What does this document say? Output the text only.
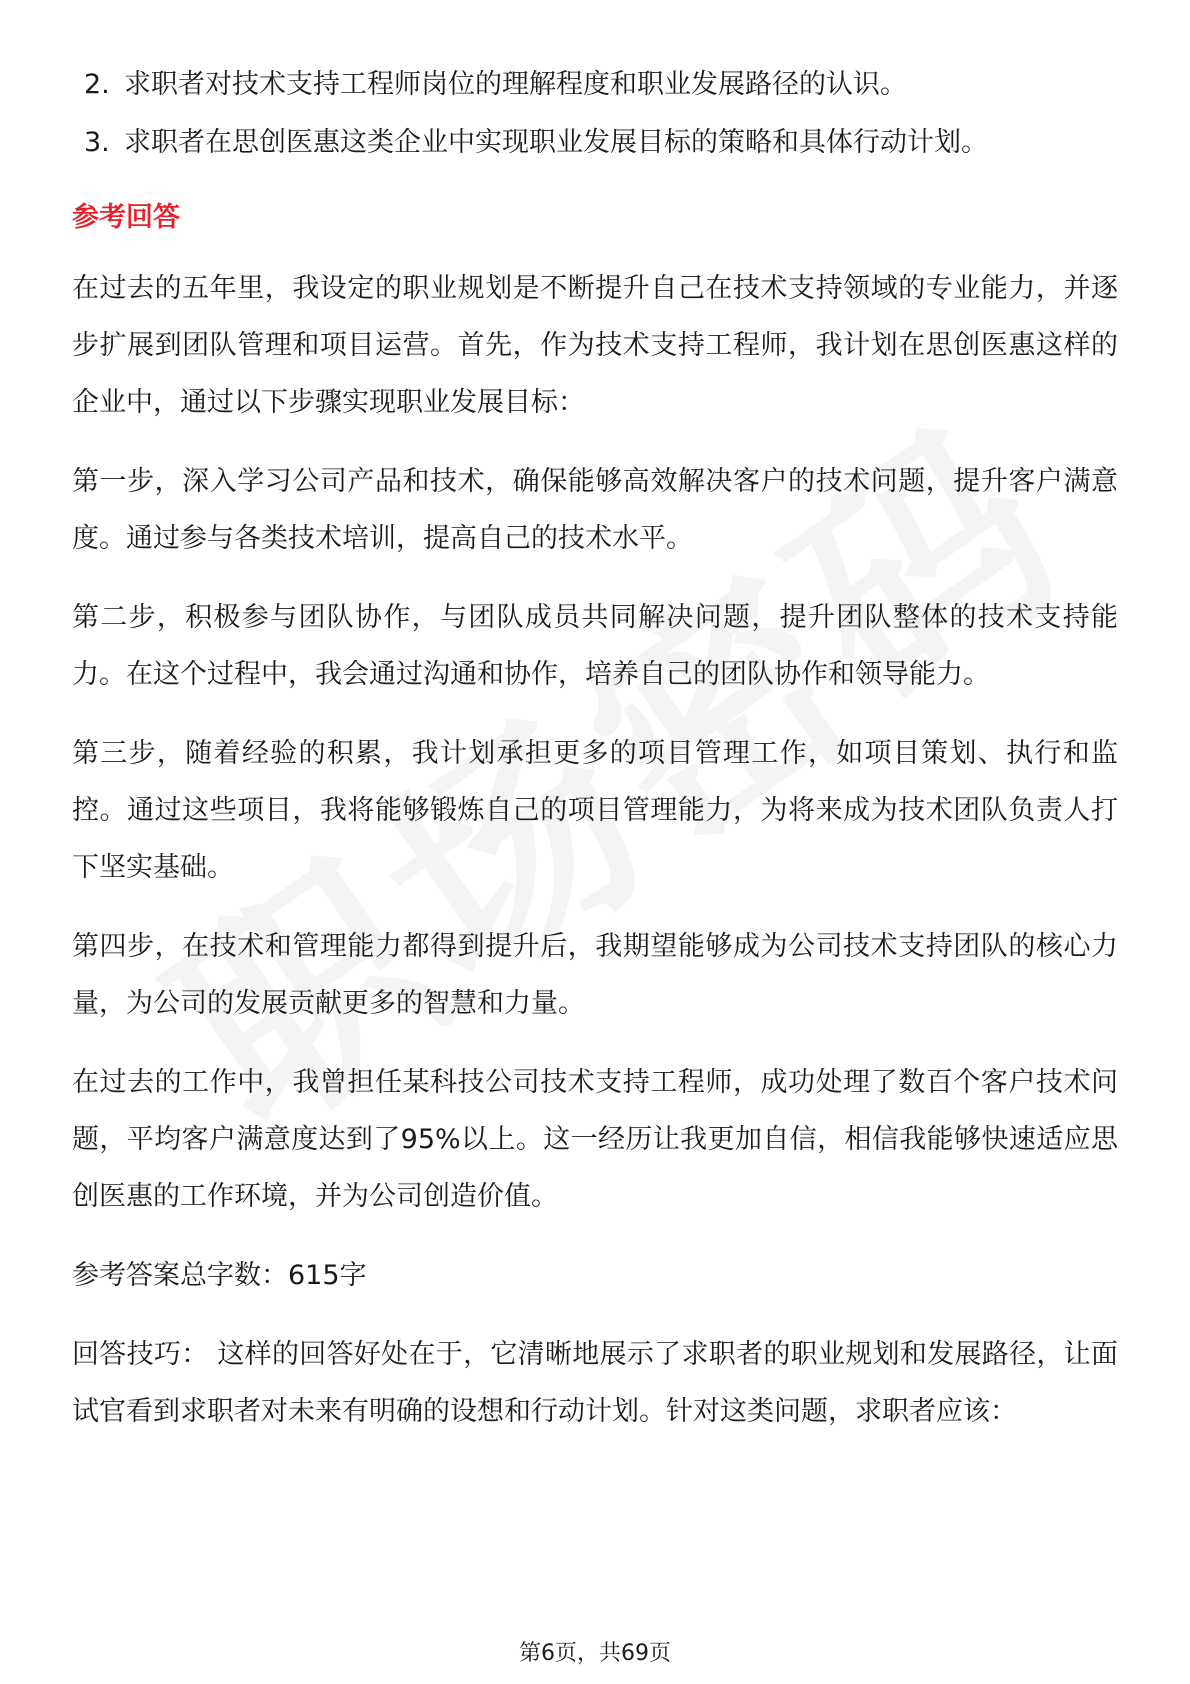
2. 求职者对技术支持工程师岗位的理解程度和职业发展路径的认识。
3. 求职者在思创医惠这类企业中实现职业发展目标的策略和具体行动计划。
参考回答

在过去的五年里，我设定的职业规划是不断提升自己在技术支持领域的专业能力，并逐步扩展到团队管理和项目运营。首先，作为技术支持工程师，我计划在思创医惠这样的企业中，通过以下步骤实现职业发展目标：

第一步，深入学习公司产品和技术，确保能够高效解决客户的技术问题，提升客户满意度。通过参与各类技术培训，提高自己的技术水平。

第二步，积极参与团队协作，与团队成员共同解决问题，提升团队整体的技术支持能力。在这个过程中，我会通过沟通和协作，培养自己的团队协作和领导能力。

第三步，随着经验的积累，我计划承担更多的项目管理工作，如项目策划、执行和监控。通过这些项目，我将能够锻炼自己的项目管理能力，为将来成为技术团队负责人打下坚实基础。

第四步，在技术和管理能力都得到提升后，我期望能够成为公司技术支持团队的核心力量，为公司的发展贡献更多的智慧和力量。

在过去的工作中，我曾担任某科技公司技术支持工程师，成功处理了数百个客户技术问题，平均客户满意度达到了95%以上。这一经历让我更加自信，相信我能够快速适应思创医惠的工作环境，并为公司创造价值。

参考答案总字数：615字

回答技巧： 这样的回答好处在于，它清晰地展示了求职者的职业规划和发展路径，让面试官看到求职者对未来有明确的设想和行动计划。针对这类问题，求职者应该：

第6页，共69页
